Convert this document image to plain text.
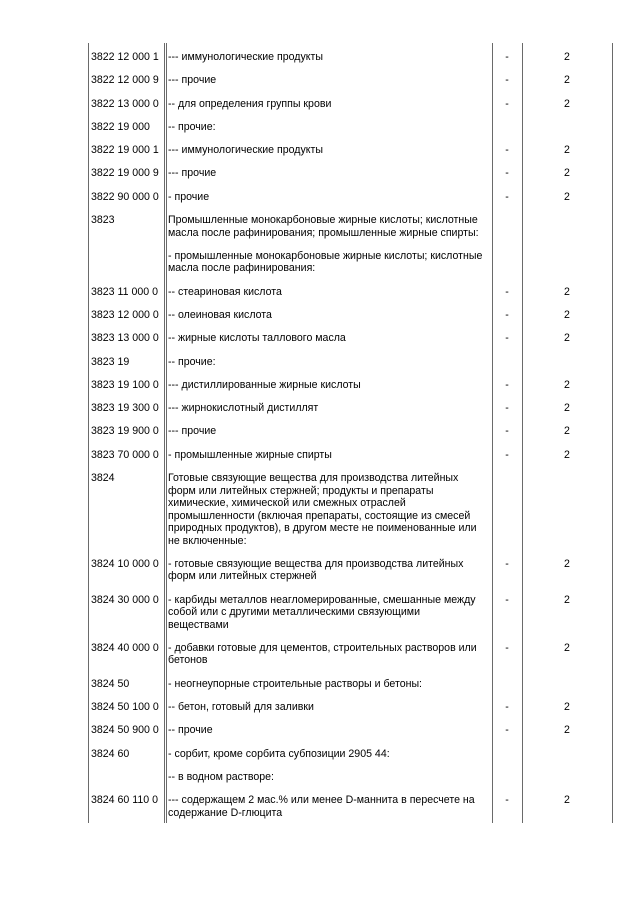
3822 12 000 1 --- иммунологические продукты	-	2
3822 12 000 9 --- прочие	-	2
3822 13 000 0 -- для определения группы крови	-	2
3822 19 000 -- прочие:
3822 19 000 1 --- иммунологические продукты	-	2
3822 19 000 9 --- прочие	-	2
3822 90 000 0 - прочие	-	2
3823	Промышленные монокарбоновые жирные кислоты; кислотные
масла после рафинирования; промышленные жирные спирты:
- промышленные монокарбоновые жирные кислоты; кислотные
масла после рафинирования:
3823 11 000 0 -- стеариновая кислота	-	2
3823 12 000 0 -- олеиновая кислота	-	2
3823 13 000 0 -- жирные кислоты таллового масла	-	2
3823 19	-- прочие:
3823 19 100 0 --- дистиллированные жирные кислоты	-	2
3823 19 300 0 --- жирнокислотный дистиллят	-	2
3823 19 900 0 --- прочие	-	2
3823 70 000 0 - промышленные жирные спирты	-	2
3824	Готовые связующие вещества для производства литейных
форм или литейных стержней; продукты и препараты
химические, химической или смежных отраслей
промышленности (включая препараты, состоящие из смесей
природных продуктов), в другом месте не поименованные или
не включенные:
3824 10 000 0 - готовые связующие вещества для производства литейных
форм или литейных стержней
-	2
3824 30 000 0 - карбиды металлов неагломерированные, смешанные между
собой или с другими металлическими связующими
веществами
-	2
3824 40 000 0 - добавки готовые для цементов, строительных растворов или
бетонов
-	2
3824 50	- неогнеупорные строительные растворы и бетоны:
3824 50 100 0 -- бетон, готовый для заливки	-	2
3824 50 900 0 -- прочие	-	2
3824 60	- сорбит, кроме сорбита субпозиции 2905 44:
-- в водном растворе:
3824 60 110 0 --- содержащем 2 мас.% или менее D-маннита в пересчете на
содержание D-глюцита
-	2
